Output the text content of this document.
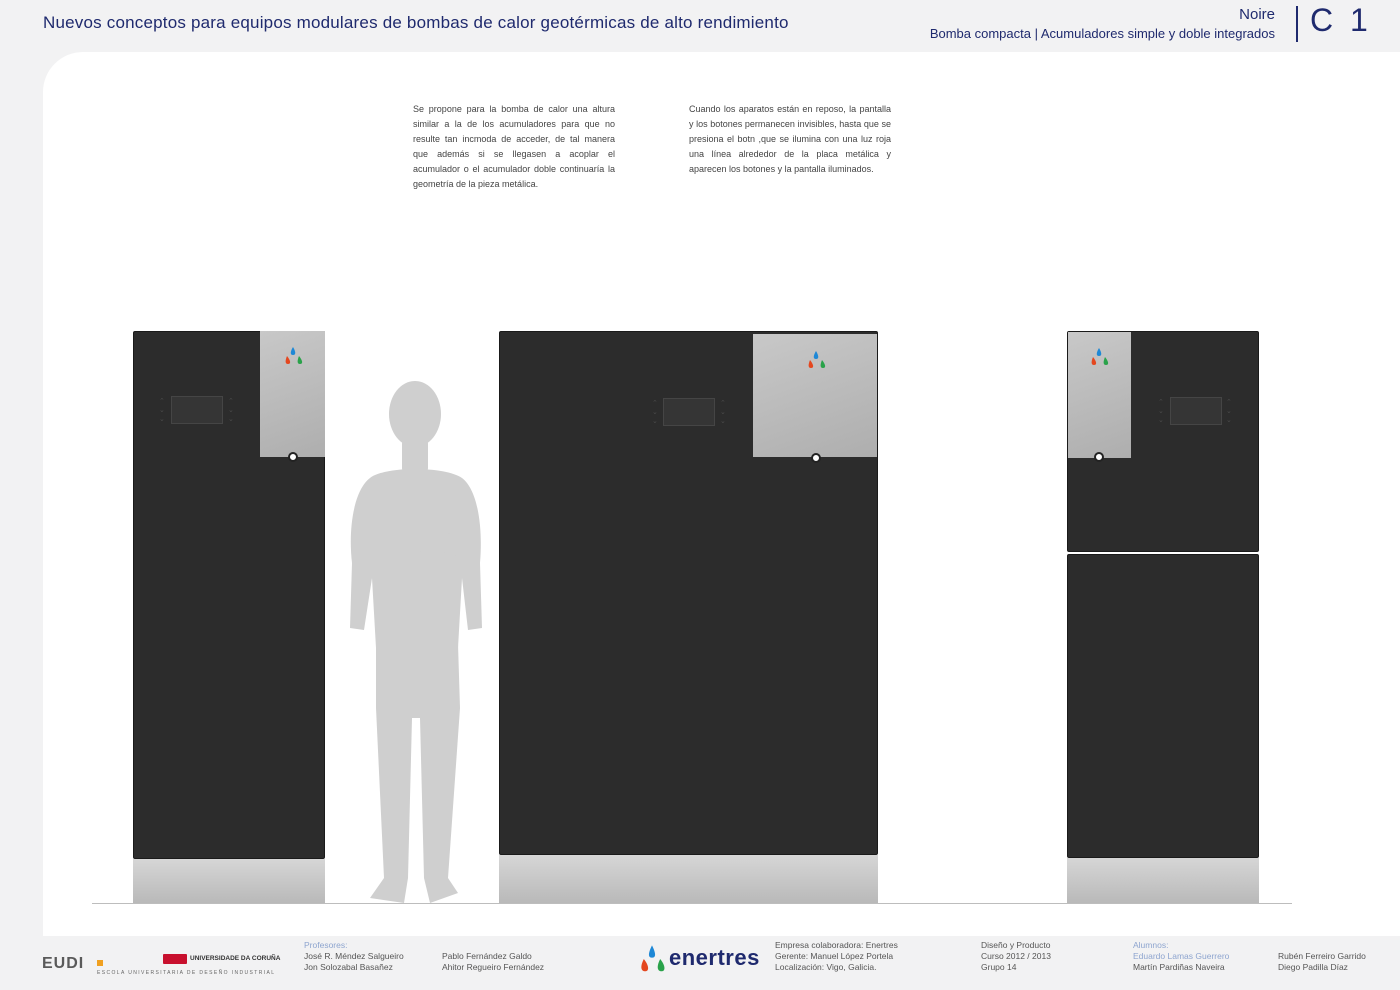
Nuevos conceptos para equipos modulares de bombas de calor geotérmicas de alto rendimiento	Noire
Bomba compacta | Acumuladores simple y doble integrados C 1
Se propone para la bomba de calor una altura similar a la de los acumuladores para que no resulte tan incmoda de acceder, de tal manera que además si se llegasen a acoplar el acumulador o el acumulador doble continuaría la geometría de la pieza metálica.
Cuando los aparatos están en reposo, la pantalla y los botones permanecen invisibles, hasta que se presiona el botn ,que se ilumina con una luz roja una línea alrededor de la placa metálica y aparecen los botones y la pantalla iluminados.
⌃
⌄
⌄
⌃
⌄
⌄
⌃
⌄
⌄
⌃
⌄
⌄
⌃
⌄
⌄
⌃
⌄
⌄
EUDI
ESCOLA UNIVERSITARIA DE DESEÑO INDUSTRIAL
UNIVERSIDADE DA CORUÑA
Profesores:
José R. Méndez Salgueiro
Jon Solozabal Basañez
Pablo Fernández Galdo
Ahitor Regueiro Fernández	enertres Empresa colaboradora: Enertres
Gerente: Manuel López Portela
Localización: Vigo, Galicia.
Diseño y Producto
Curso 2012 / 2013
Grupo 14
Alumnos:
Eduardo Lamas Guerrero
Martín Pardiñas Naveira
Rubén Ferreiro Garrido
Diego Padilla Díaz
